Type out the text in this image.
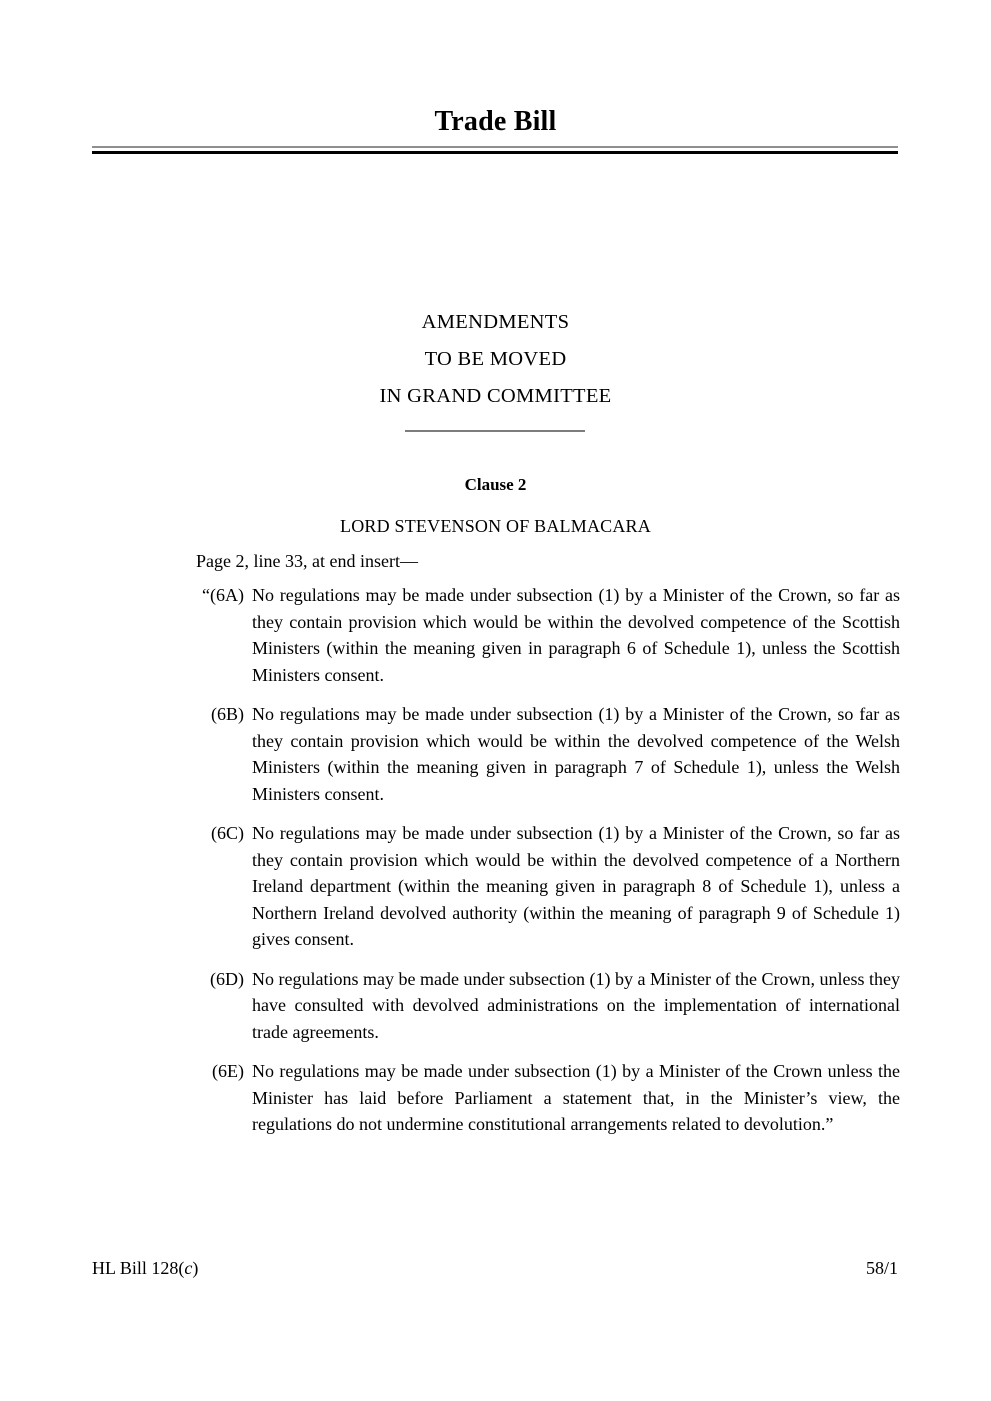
Trade Bill
AMENDMENTS
TO BE MOVED
IN GRAND COMMITTEE
Clause 2
LORD STEVENSON OF BALMACARA
Page 2, line 33, at end insert—
“(6A) No regulations may be made under subsection (1) by a Minister of the Crown, so far as they contain provision which would be within the devolved competence of the Scottish Ministers (within the meaning given in paragraph 6 of Schedule 1), unless the Scottish Ministers consent.
(6B) No regulations may be made under subsection (1) by a Minister of the Crown, so far as they contain provision which would be within the devolved competence of the Welsh Ministers (within the meaning given in paragraph 7 of Schedule 1), unless the Welsh Ministers consent.
(6C) No regulations may be made under subsection (1) by a Minister of the Crown, so far as they contain provision which would be within the devolved competence of a Northern Ireland department (within the meaning given in paragraph 8 of Schedule 1), unless a Northern Ireland devolved authority (within the meaning of paragraph 9 of Schedule 1) gives consent.
(6D) No regulations may be made under subsection (1) by a Minister of the Crown, unless they have consulted with devolved administrations on the implementation of international trade agreements.
(6E) No regulations may be made under subsection (1) by a Minister of the Crown unless the Minister has laid before Parliament a statement that, in the Minister’s view, the regulations do not undermine constitutional arrangements related to devolution.”
HL Bill 128(c)	58/1
